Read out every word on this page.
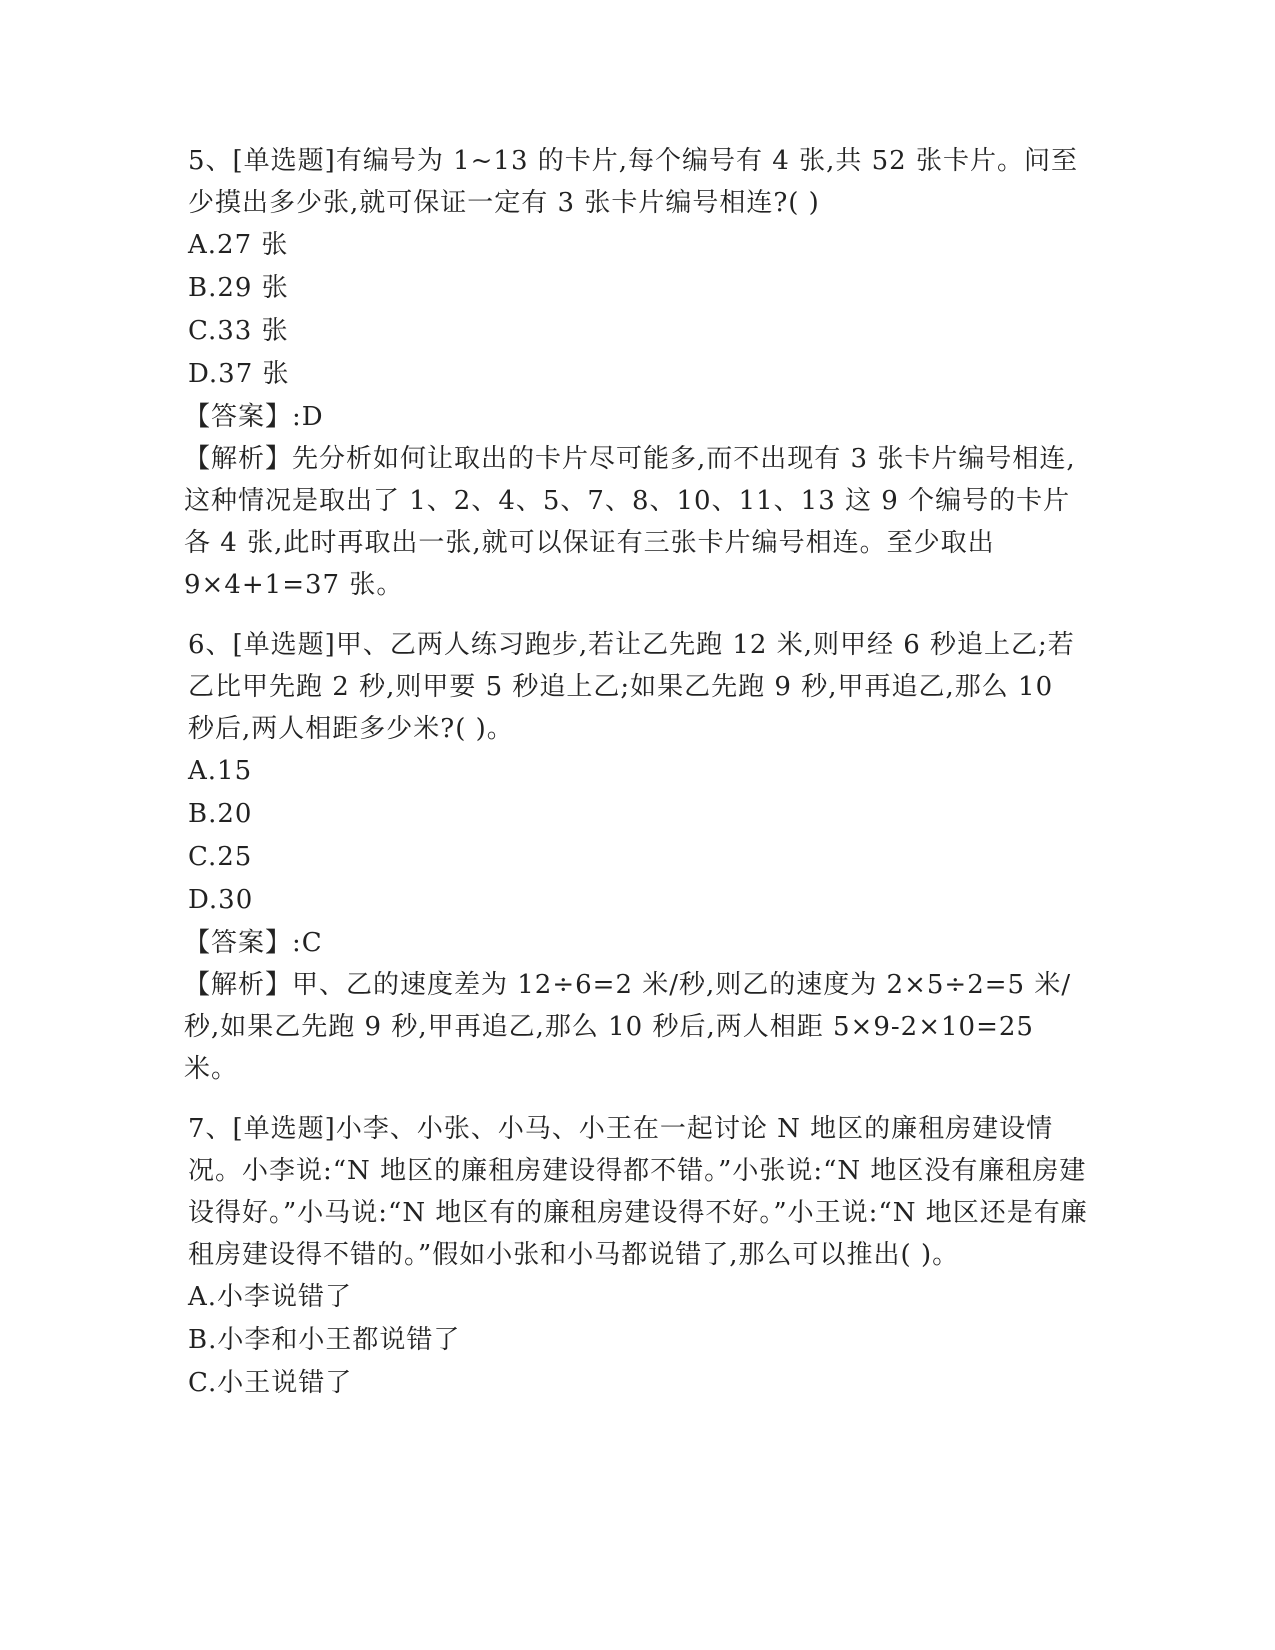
5、[单选题]有编号为 1~13 的卡片,每个编号有 4 张,共 52 张卡片。问至少摸出多少张,就可保证一定有 3 张卡片编号相连?( )

A.27 张

B.29 张

C.33 张

D.37 张

【答案】:D

【解析】先分析如何让取出的卡片尽可能多,而不出现有 3 张卡片编号相连,这种情况是取出了 1、2、4、5、7、8、10、11、13 这 9 个编号的卡片各 4 张,此时再取出一张,就可以保证有三张卡片编号相连。至少取出 9×4+1=37 张。

6、[单选题]甲、乙两人练习跑步,若让乙先跑 12 米,则甲经 6 秒追上乙;若乙比甲先跑 2 秒,则甲要 5 秒追上乙;如果乙先跑 9 秒,甲再追乙,那么 10 秒后,两人相距多少米?( )。

A.15

B.20

C.25

D.30

【答案】:C

【解析】甲、乙的速度差为 12÷6=2 米/秒,则乙的速度为 2×5÷2=5 米/秒,如果乙先跑 9 秒,甲再追乙,那么 10 秒后,两人相距 5×9-2×10=25 米。

7、[单选题]小李、小张、小马、小王在一起讨论 N 地区的廉租房建设情况。小李说:“N 地区的廉租房建设得都不错。”小张说:“N 地区没有廉租房建设得好。”小马说:“N 地区有的廉租房建设得不好。”小王说:“N 地区还是有廉租房建设得不错的。”假如小张和小马都说错了,那么可以推出( )。

A.小李说错了

B.小李和小王都说错了

C.小王说错了
